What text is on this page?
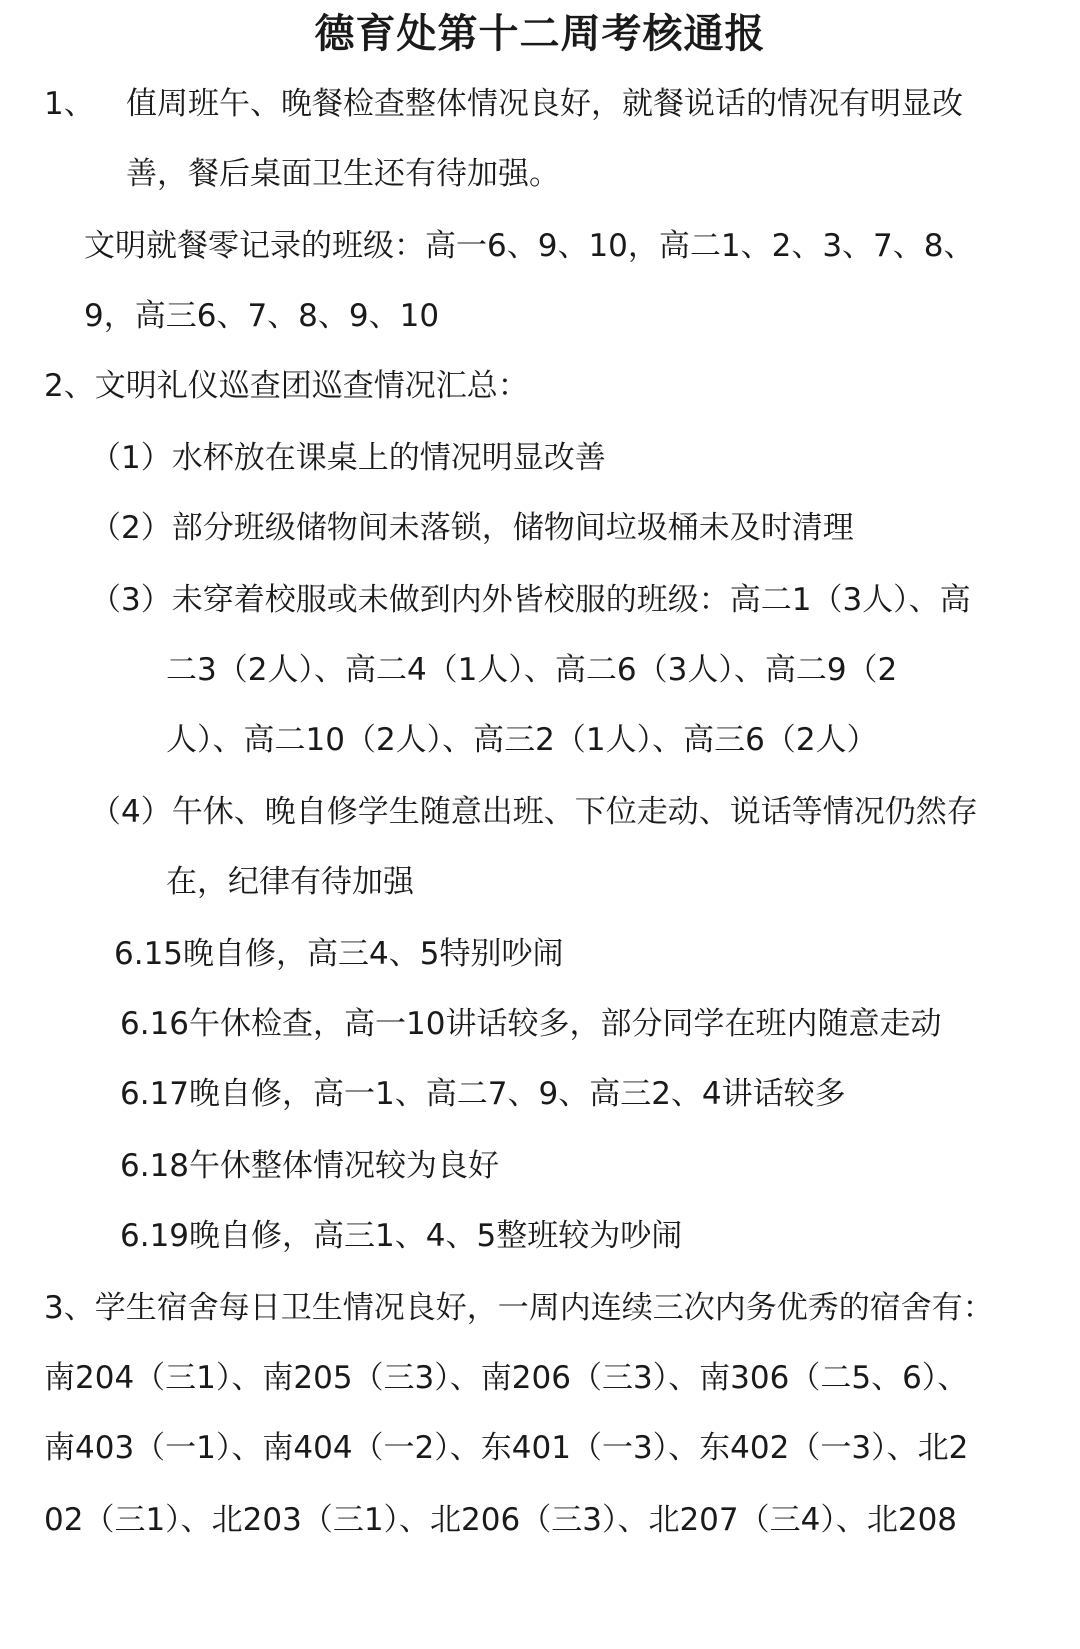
德育处第十二周考核通报
1、 值周班午、晚餐检查整体情况良好，就餐说话的情况有明显改
善，餐后桌面卫生还有待加强。
文明就餐零记录的班级：高一6、9、10，高二1、2、3、7、8、
9，高三6、7、8、9、10
2、文明礼仪巡查团巡查情况汇总：
（1）水杯放在课桌上的情况明显改善
（2）部分班级储物间未落锁，储物间垃圾桶未及时清理
（3）未穿着校服或未做到内外皆校服的班级：高二1（3人）、高
二3（2人）、高二4（1人）、高二6（3人）、高二9（2
人）、高二10（2人）、高三2（1人）、高三6（2人）
（4）午休、晚自修学生随意出班、下位走动、说话等情况仍然存
在，纪律有待加强
6.15晚自修，高三4、5特别吵闹
6.16午休检查，高一10讲话较多，部分同学在班内随意走动
6.17晚自修，高一1、高二7、9、高三2、4讲话较多
6.18午休整体情况较为良好
6.19晚自修，高三1、4、5整班较为吵闹
3、学生宿舍每日卫生情况良好，一周内连续三次内务优秀的宿舍有：
南204（三1）、南205（三3）、南206（三3）、南306（二5、6）、
南403（一1）、南404（一2）、东401（一3）、东402（一3）、北2
02（三1）、北203（三1）、北206（三3）、北207（三4）、北208
